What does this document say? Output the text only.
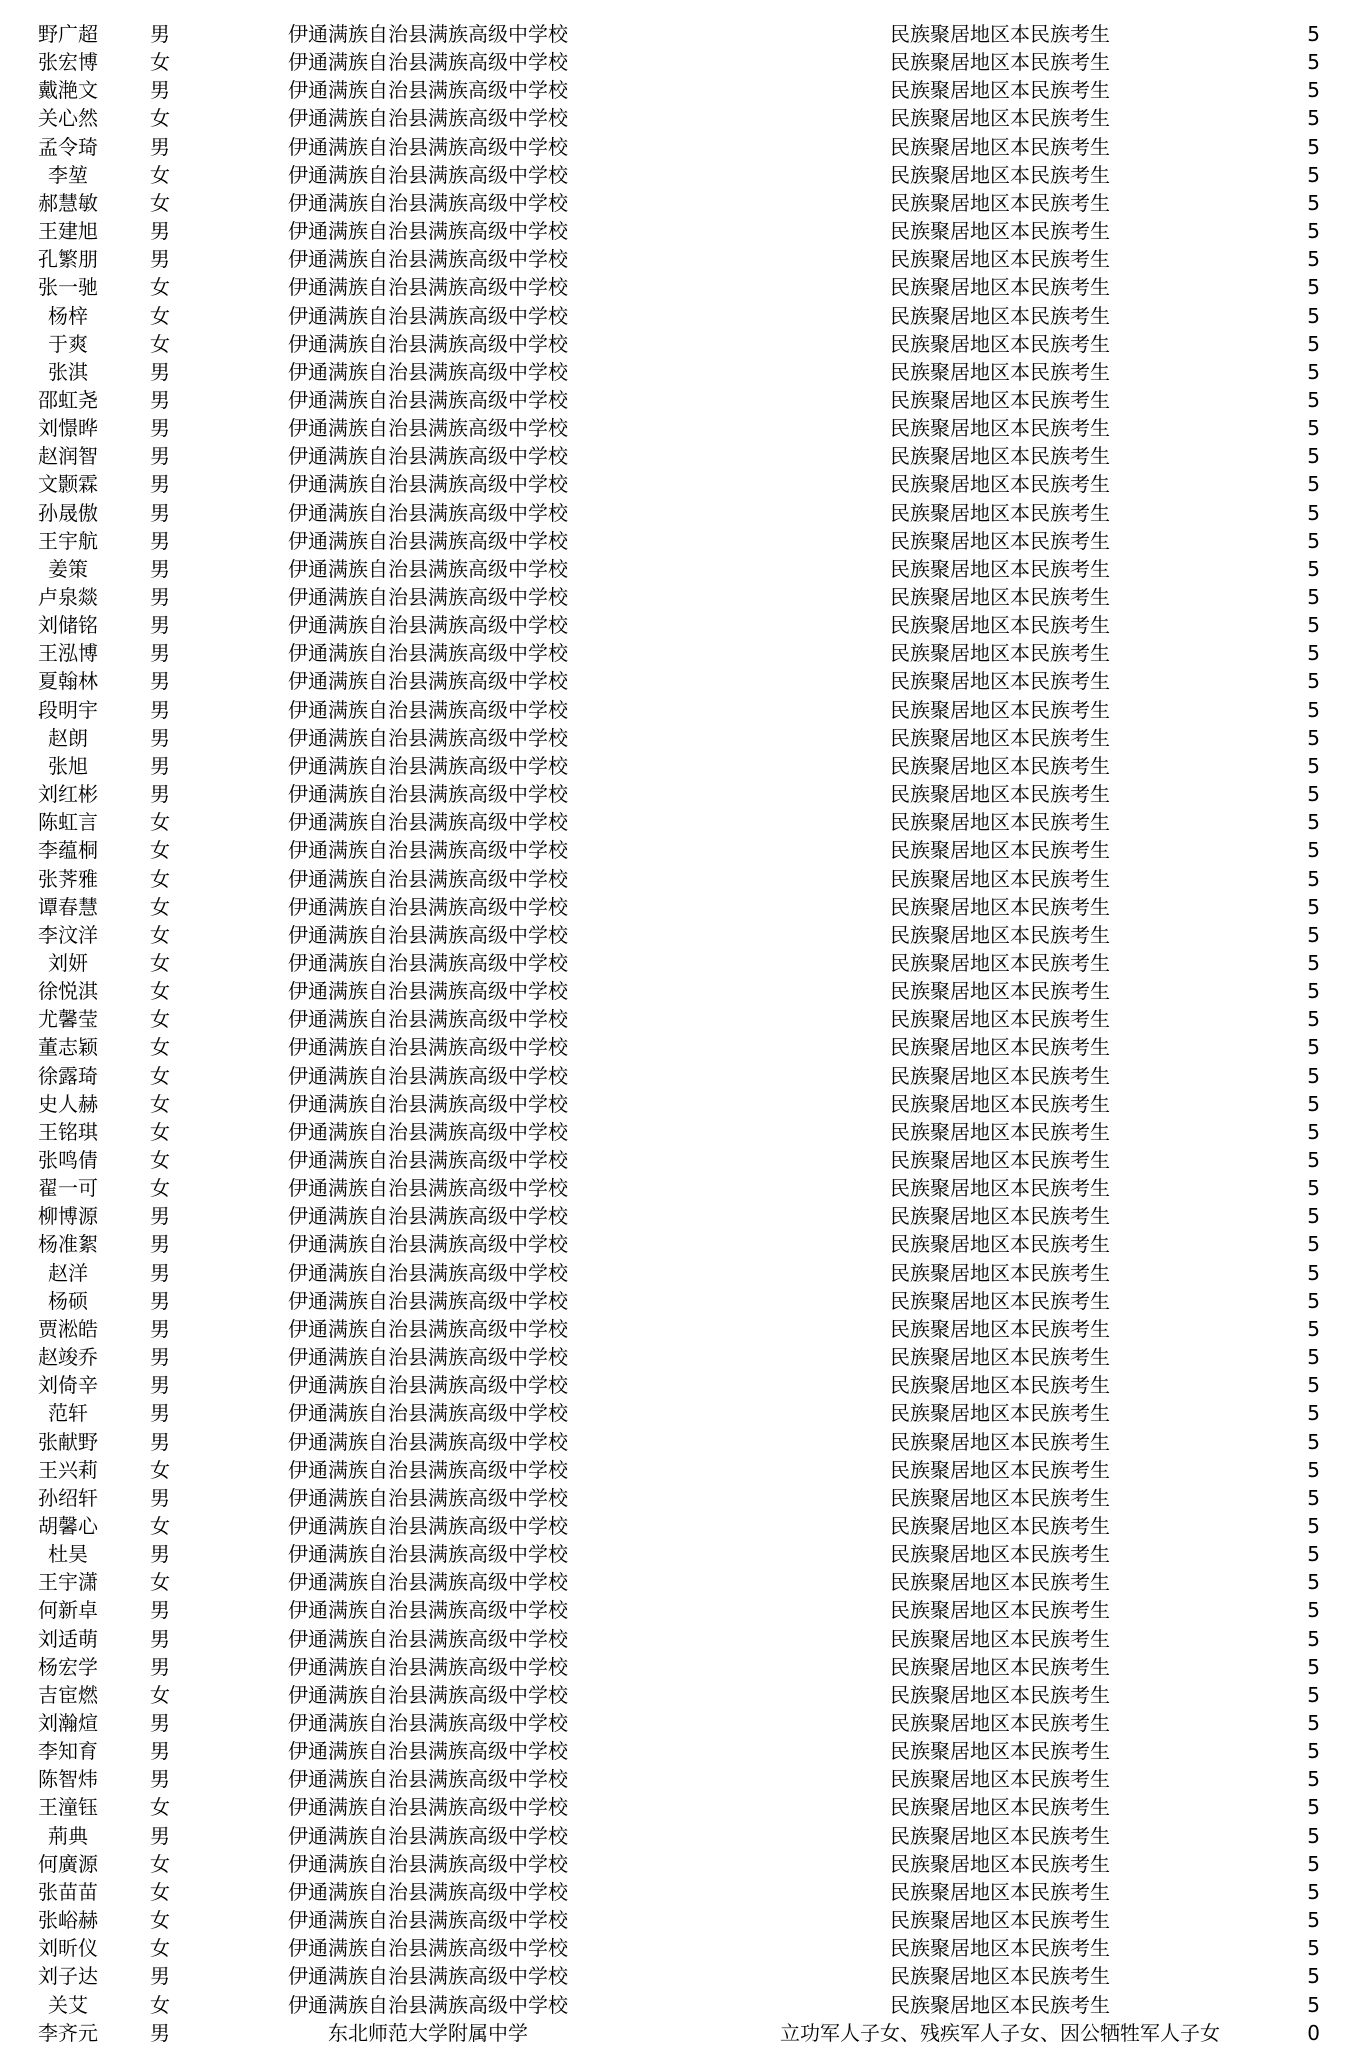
野广超	男	伊通满族自治县满族高级中学校	民族聚居地区本民族考生	5
张宏博	女	伊通满族自治县满族高级中学校	民族聚居地区本民族考生	5
戴滟文	男	伊通满族自治县满族高级中学校	民族聚居地区本民族考生	5
关心然	女	伊通满族自治县满族高级中学校	民族聚居地区本民族考生	5
孟令琦	男	伊通满族自治县满族高级中学校	民族聚居地区本民族考生	5
李堃	女	伊通满族自治县满族高级中学校	民族聚居地区本民族考生	5
郝慧敏	女	伊通满族自治县满族高级中学校	民族聚居地区本民族考生	5
王建旭	男	伊通满族自治县满族高级中学校	民族聚居地区本民族考生	5
孔繁朋	男	伊通满族自治县满族高级中学校	民族聚居地区本民族考生	5
张一驰	女	伊通满族自治县满族高级中学校	民族聚居地区本民族考生	5
杨梓	女	伊通满族自治县满族高级中学校	民族聚居地区本民族考生	5
于爽	女	伊通满族自治县满族高级中学校	民族聚居地区本民族考生	5
张淇	男	伊通满族自治县满族高级中学校	民族聚居地区本民族考生	5
邵虹尧	男	伊通满族自治县满族高级中学校	民族聚居地区本民族考生	5
刘憬晔	男	伊通满族自治县满族高级中学校	民族聚居地区本民族考生	5
赵润智	男	伊通满族自治县满族高级中学校	民族聚居地区本民族考生	5
文颢霖	男	伊通满族自治县满族高级中学校	民族聚居地区本民族考生	5
孙晟傲	男	伊通满族自治县满族高级中学校	民族聚居地区本民族考生	5
王宇航	男	伊通满族自治县满族高级中学校	民族聚居地区本民族考生	5
姜策	男	伊通满族自治县满族高级中学校	民族聚居地区本民族考生	5
卢泉燚	男	伊通满族自治县满族高级中学校	民族聚居地区本民族考生	5
刘储铭	男	伊通满族自治县满族高级中学校	民族聚居地区本民族考生	5
王泓博	男	伊通满族自治县满族高级中学校	民族聚居地区本民族考生	5
夏翰林	男	伊通满族自治县满族高级中学校	民族聚居地区本民族考生	5
段明宇	男	伊通满族自治县满族高级中学校	民族聚居地区本民族考生	5
赵朗	男	伊通满族自治县满族高级中学校	民族聚居地区本民族考生	5
张旭	男	伊通满族自治县满族高级中学校	民族聚居地区本民族考生	5
刘红彬	男	伊通满族自治县满族高级中学校	民族聚居地区本民族考生	5
陈虹言	女	伊通满族自治县满族高级中学校	民族聚居地区本民族考生	5
李蕴桐	女	伊通满族自治县满族高级中学校	民族聚居地区本民族考生	5
张荠雅	女	伊通满族自治县满族高级中学校	民族聚居地区本民族考生	5
谭春慧	女	伊通满族自治县满族高级中学校	民族聚居地区本民族考生	5
李汶洋	女	伊通满族自治县满族高级中学校	民族聚居地区本民族考生	5
刘妍	女	伊通满族自治县满族高级中学校	民族聚居地区本民族考生	5
徐悦淇	女	伊通满族自治县满族高级中学校	民族聚居地区本民族考生	5
尤馨莹	女	伊通满族自治县满族高级中学校	民族聚居地区本民族考生	5
董志颖	女	伊通满族自治县满族高级中学校	民族聚居地区本民族考生	5
徐露琦	女	伊通满族自治县满族高级中学校	民族聚居地区本民族考生	5
史人赫	女	伊通满族自治县满族高级中学校	民族聚居地区本民族考生	5
王铭琪	女	伊通满族自治县满族高级中学校	民族聚居地区本民族考生	5
张鸣倩	女	伊通满族自治县满族高级中学校	民族聚居地区本民族考生	5
翟一可	女	伊通满族自治县满族高级中学校	民族聚居地区本民族考生	5
柳博源	男	伊通满族自治县满族高级中学校	民族聚居地区本民族考生	5
杨准絮	男	伊通满族自治县满族高级中学校	民族聚居地区本民族考生	5
赵洋	男	伊通满族自治县满族高级中学校	民族聚居地区本民族考生	5
杨硕	男	伊通满族自治县满族高级中学校	民族聚居地区本民族考生	5
贾淞皓	男	伊通满族自治县满族高级中学校	民族聚居地区本民族考生	5
赵竣乔	男	伊通满族自治县满族高级中学校	民族聚居地区本民族考生	5
刘倚辛	男	伊通满族自治县满族高级中学校	民族聚居地区本民族考生	5
范轩	男	伊通满族自治县满族高级中学校	民族聚居地区本民族考生	5
张献野	男	伊通满族自治县满族高级中学校	民族聚居地区本民族考生	5
王兴莉	女	伊通满族自治县满族高级中学校	民族聚居地区本民族考生	5
孙绍轩	男	伊通满族自治县满族高级中学校	民族聚居地区本民族考生	5
胡馨心	女	伊通满族自治县满族高级中学校	民族聚居地区本民族考生	5
杜昊	男	伊通满族自治县满族高级中学校	民族聚居地区本民族考生	5
王宇潇	女	伊通满族自治县满族高级中学校	民族聚居地区本民族考生	5
何新卓	男	伊通满族自治县满族高级中学校	民族聚居地区本民族考生	5
刘适萌	男	伊通满族自治县满族高级中学校	民族聚居地区本民族考生	5
杨宏学	男	伊通满族自治县满族高级中学校	民族聚居地区本民族考生	5
吉宦燃	女	伊通满族自治县满族高级中学校	民族聚居地区本民族考生	5
刘瀚煊	男	伊通满族自治县满族高级中学校	民族聚居地区本民族考生	5
李知育	男	伊通满族自治县满族高级中学校	民族聚居地区本民族考生	5
陈智炜	男	伊通满族自治县满族高级中学校	民族聚居地区本民族考生	5
王潼钰	女	伊通满族自治县满族高级中学校	民族聚居地区本民族考生	5
荊典	男	伊通满族自治县满族高级中学校	民族聚居地区本民族考生	5
何廣源	女	伊通满族自治县满族高级中学校	民族聚居地区本民族考生	5
张苗苗	女	伊通满族自治县满族高级中学校	民族聚居地区本民族考生	5
张峪赫	女	伊通满族自治县满族高级中学校	民族聚居地区本民族考生	5
刘昕仪	女	伊通满族自治县满族高级中学校	民族聚居地区本民族考生	5
刘子达	男	伊通满族自治县满族高级中学校	民族聚居地区本民族考生	5
关艾	女	伊通满族自治县满族高级中学校	民族聚居地区本民族考生	5
李齐元	男	东北师范大学附属中学	立功军人子女、残疾军人子女、因公牺牲军人子女	0
